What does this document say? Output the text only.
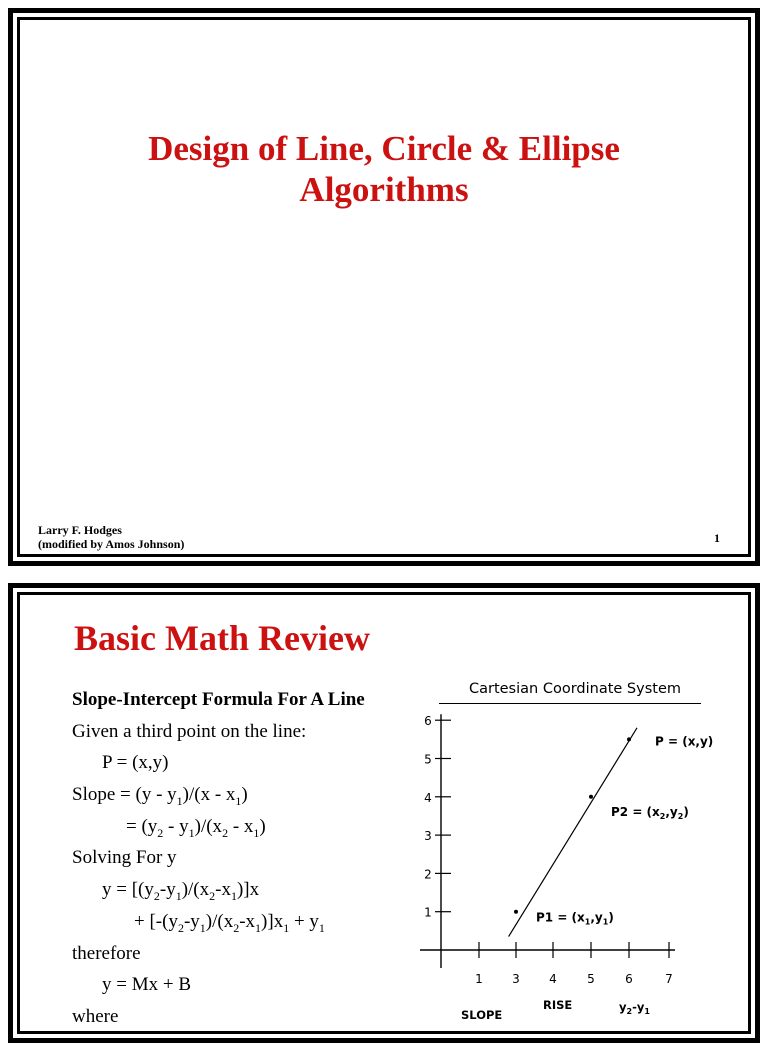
Design of Line, Circle & Ellipse
Algorithms
Larry F. Hodges
(modified by Amos Johnson)	1
Basic Math Review
Slope-Intercept Formula For A Line
Given a third point on the line:
P = (x,y)
Slope = $(y - y_1)/(x - x_1)$
= $(y_2 - y_1)/(x_2 - x_1)$
Solving For y
$y = [(y_2-y_1)/(x_2-x_1)]x$
+ $[-(y_2-y_1)/(x_2-x_1)]x_1 + y_1$
therefore
y = Mx + B
where
Cartesian Coordinate System
1 3 4	5	6	7
1
2
3
4
5
6
$P1 = (x_1,y_1)$
$P2 = (x_2,y_2)$
P = (x,y)
SLOPE
RISE	$y_2-y_1$
